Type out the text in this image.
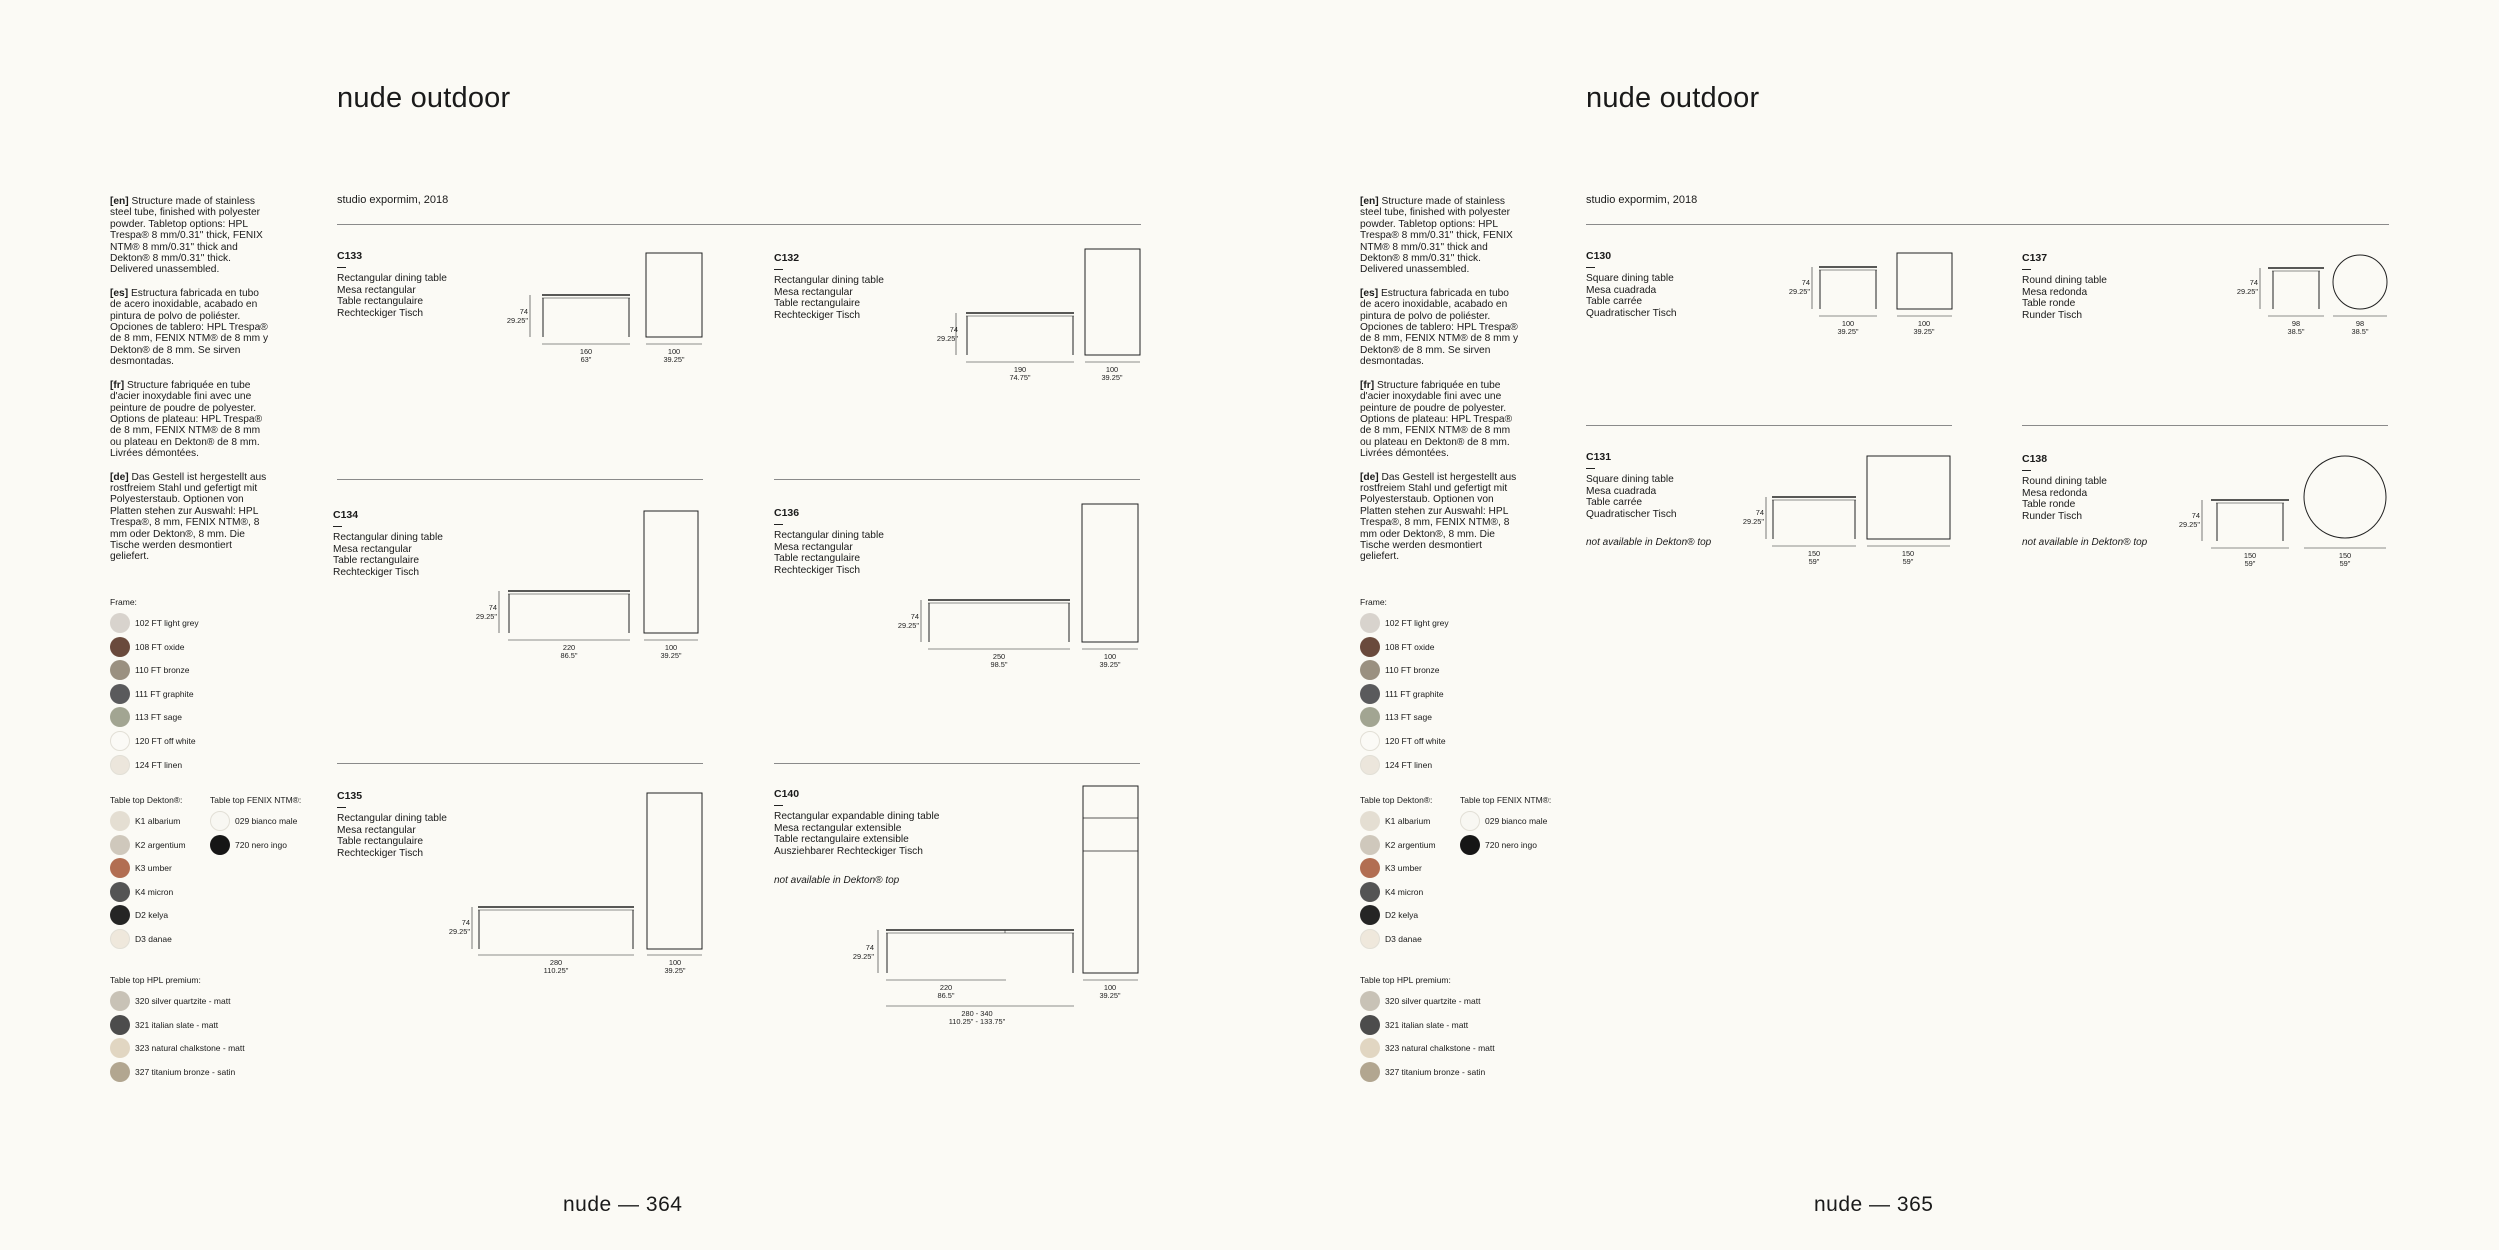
nude outdoor
studio expormim, 2018

[en] Structure made of stainless steel tube, finished with polyester powder. Tabletop options: HPL Trespa® 8 mm/0.31" thick, FENIX NTM® 8 mm/0.31" thick and Dekton® 8 mm/0.31" thick. Delivered unassembled.

[es] Estructura fabricada en tubo de acero inoxidable, acabado en pintura de polvo de poliéster. Opciones de tablero: HPL Trespa® de 8 mm, FENIX NTM® de 8 mm y Dekton® de 8 mm. Se sirven desmontadas.

[fr] Structure fabriquée en tube d'acier inoxydable fini avec une peinture de poudre de polyester. Options de plateau: HPL Trespa® de 8 mm, FENIX NTM® de 8 mm ou plateau en Dekton® de 8 mm. Livrées démontées.

[de] Das Gestell ist hergestellt aus rostfreiem Stahl und gefertigt mit Polyesterstaub. Optionen von Platten stehen zur Auswahl: HPL Trespa®, 8 mm, FENIX NTM®, 8 mm oder Dekton®, 8 mm. Die Tische werden desmontiert geliefert.

Frame:
102 FT light grey
108 FT oxide
110 FT bronze
111 FT graphite
113 FT sage
120 FT off white
124 FT linen
Table top Dekton®:
K1 albarium
K2 argentium
K3 umber
K4 micron
D2 kelya
D3 danae
Table top FENIX NTM®:
029 bianco male
720 nero ingo
Table top HPL premium:
320 silver quartzite - matt
321 italian slate - matt
323 natural chalkstone - matt
327 titanium bronze - satin
C133
Rectangular dining table
Mesa rectangular
Table rectangulaire
Rechteckiger Tisch	74
29.25"
160
63"
100
39.25"
C132
Rectangular dining table
Mesa rectangular
Table rectangulaire
Rechteckiger Tisch
74
29.25"
190
74.75"
100
39.25"
C134
Rectangular dining table
Mesa rectangular
Table rectangulaire
Rechteckiger Tisch
74
29.25"
220
86.5"
100
39.25"
C136
Rectangular dining table
Mesa rectangular
Table rectangulaire
Rechteckiger Tisch
74
29.25"
250
98.5"
100
39.25"
C135
Rectangular dining table
Mesa rectangular
Table rectangulaire
Rechteckiger Tisch
74
29.25"
280
110.25"
100
39.25"
C140
Rectangular expandable dining table
Mesa rectangular extensible
Table rectangulaire extensible
Ausziehbarer Rechteckiger Tisch
not available in Dekton® top
74
29.25"
220
86.5"
280 - 340
110.25" - 133.75"
100
39.25"
nude — 364
nude outdoor
studio expormim, 2018

[en] Structure made of stainless steel tube, finished with polyester powder. Tabletop options: HPL Trespa® 8 mm/0.31" thick, FENIX NTM® 8 mm/0.31" thick and Dekton® 8 mm/0.31" thick. Delivered unassembled.

[es] Estructura fabricada en tubo de acero inoxidable, acabado en pintura de polvo de poliéster. Opciones de tablero: HPL Trespa® de 8 mm, FENIX NTM® de 8 mm y Dekton® de 8 mm. Se sirven desmontadas.

[fr] Structure fabriquée en tube d'acier inoxydable fini avec une peinture de poudre de polyester. Options de plateau: HPL Trespa® de 8 mm, FENIX NTM® de 8 mm ou plateau en Dekton® de 8 mm. Livrées démontées.

[de] Das Gestell ist hergestellt aus rostfreiem Stahl und gefertigt mit Polyesterstaub. Optionen von Platten stehen zur Auswahl: HPL Trespa®, 8 mm, FENIX NTM®, 8 mm oder Dekton®, 8 mm. Die Tische werden desmontiert geliefert.

Frame:
102 FT light grey
108 FT oxide
110 FT bronze
111 FT graphite
113 FT sage
120 FT off white
124 FT linen
Table top Dekton®:
K1 albarium
K2 argentium
K3 umber
K4 micron
D2 kelya
D3 danae
Table top FENIX NTM®:
029 bianco male
720 nero ingo
Table top HPL premium:
320 silver quartzite - matt
321 italian slate - matt
323 natural chalkstone - matt
327 titanium bronze - satin
C130
Square dining table
Mesa cuadrada
Table carrée
Quadratischer Tisch
74
29.25"
100
39.25"
100
39.25"
C137
Round dining table
Mesa redonda
Table ronde
Runder Tisch
74
29.25"
98
38.5"
98
38.5"
C131
Square dining table
Mesa cuadrada
Table carrée
Quadratischer Tisch
not available in Dekton® top
74
29.25"
150
59"
150
59"
C138
Round dining table
Mesa redonda
Table ronde
Runder Tisch
not available in Dekton® top
74
29.25"
150
59"
150
59"
nude — 365
